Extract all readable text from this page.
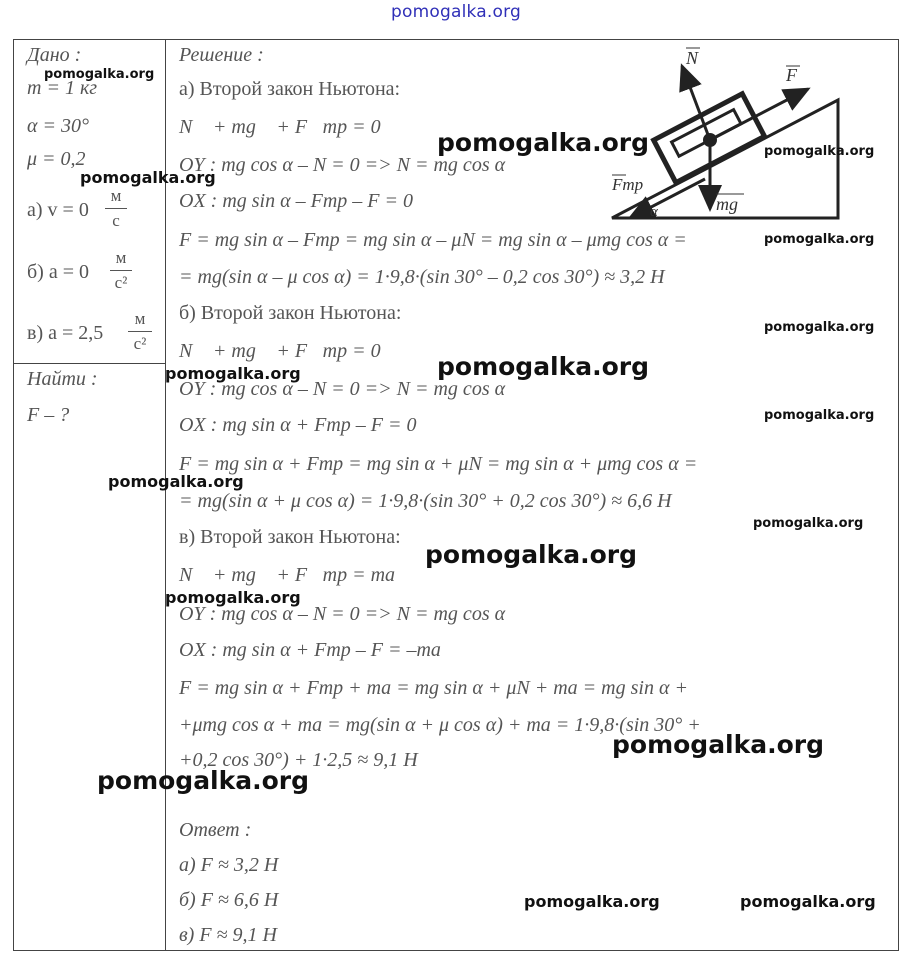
pomogalka.org
Дано :
m = 1 кг
α = 30°
μ = 0,2
а) v = 0
м
с
б) a = 0
м
с²
в) a = 2,5
м
с²
Найти :
F – ?
Решение :
а) Второй закон Ньютона:
N⃗ + mg⃗ + F⃗тр = 0⃗
OY : mg cos α – N = 0 => N = mg cos α
OX : mg sin α – Fтр – F = 0
F = mg sin α – Fтр = mg sin α – μN = mg sin α – μmg cos α =
= mg(sin α – μ cos α) = 1·9,8·(sin 30° – 0,2 cos 30°) ≈ 3,2 Н
б) Второй закон Ньютона:
N⃗ + mg⃗ + F⃗тр = 0⃗
OY : mg cos α – N = 0 => N = mg cos α
OX : mg sin α + Fтр – F = 0
F = mg sin α + Fтр = mg sin α + μN = mg sin α + μmg cos α =
= mg(sin α + μ cos α) = 1·9,8·(sin 30° + 0,2 cos 30°) ≈ 6,6 Н
в) Второй закон Ньютона:
N⃗ + mg⃗ + F⃗тр = ma⃗
OY : mg cos α – N = 0 => N = mg cos α
OX : mg sin α + Fтр – F = –ma
F = mg sin α + Fтр + ma = mg sin α + μN + ma = mg sin α +
+μmg cos α + ma = mg(sin α + μ cos α) + ma = 1·9,8·(sin 30° +
+0,2 cos 30°) + 1·2,5 ≈ 9,1 Н
Ответ :
а) F ≈ 3,2 Н
б) F ≈ 6,6 Н
в) F ≈ 9,1 Н
N
F
mg
Fтр
α
pomogalka.org
pomogalka.org
pomogalka.org	pomogalka.org
pomogalka.org
pomogalka.org
pomogalka.org	pomogalka.org
pomogalka.org
pomogalka.org
pomogalka.org
pomogalka.org
pomogalka.org
pomogalka.org
pomogalka.org
pomogalka.org	pomogalka.org
